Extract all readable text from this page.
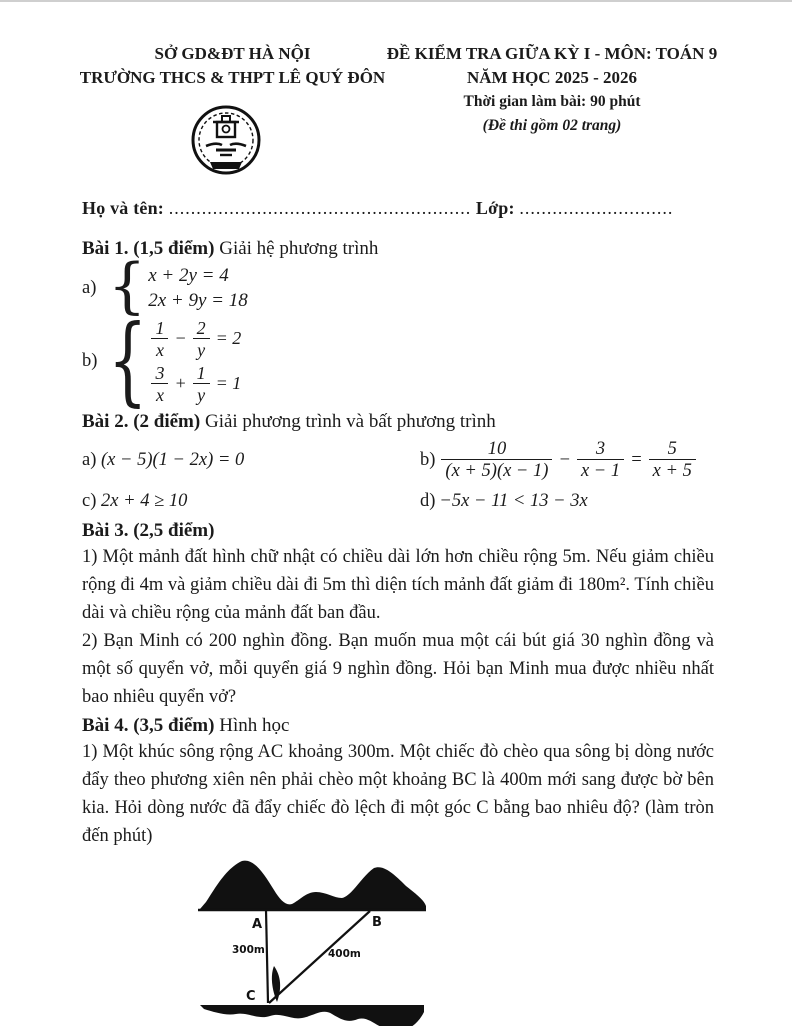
SỞ GD&ĐT HÀ NỘI
TRƯỜNG THCS & THPT LÊ QUÝ ĐÔN
ĐỀ KIỂM TRA GIỮA KỲ I - MÔN: TOÁN 9
NĂM HỌC 2025 - 2026
Thời gian làm bài: 90 phút
(Đề thi gồm 02 trang)
Họ và tên: ....................................................... Lớp: ............................
Bài 1. (1,5 điểm) Giải hệ phương trình
a) { x + 2y = 4
2x + 9y = 18
b) { $\frac{1}{x} - \frac{2}{y} = 2$
$\frac{3}{x} + \frac{1}{y} = 1$
Bài 2. (2 điểm) Giải phương trình và bất phương trình
a) (x − 5)(1 − 2x) = 0	$b) \frac{10}{(x + 5)(x - 1)} - \frac{3}{x - 1} = \frac{5}{x + 5}$
c) 2x + 4 ≥ 10	d) −5x − 11 < 13 − 3x
Bài 3. (2,5 điểm)
1) Một mảnh đất hình chữ nhật có chiều dài lớn hơn chiều rộng 5m. Nếu giảm chiều rộng đi 4m và giảm chiều dài đi 5m thì diện tích mảnh đất giảm đi 180m². Tính chiều dài và chiều rộng của mảnh đất ban đầu.
2) Bạn Minh có 200 nghìn đồng. Bạn muốn mua một cái bút giá 30 nghìn đồng và một số quyển vở, mỗi quyển giá 9 nghìn đồng. Hỏi bạn Minh mua được nhiều nhất bao nhiêu quyển vở?
Bài 4. (3,5 điểm) Hình học
1) Một khúc sông rộng AC khoảng 300m. Một chiếc đò chèo qua sông bị dòng nước đẩy theo phương xiên nên phải chèo một khoảng BC là 400m mới sang được bờ bên kia. Hỏi dòng nước đã đẩy chiếc đò lệch đi một góc C bằng bao nhiêu độ? (làm tròn đến phút)
A	B
C
300m	400m
